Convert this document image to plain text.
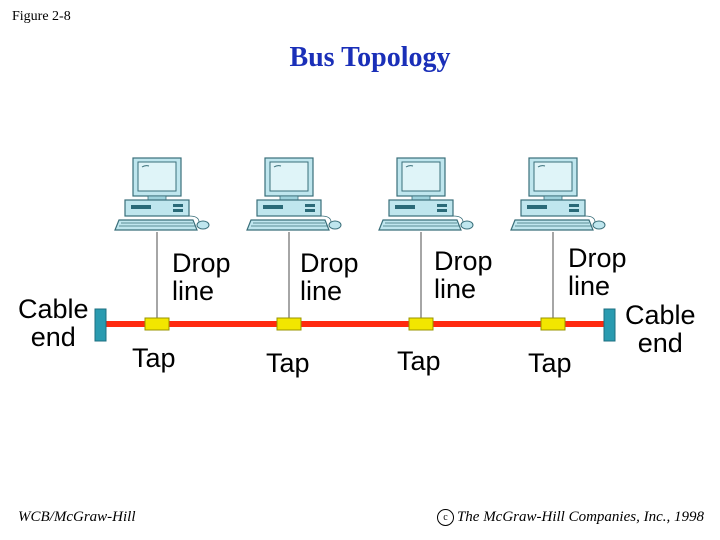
Figure 2-8
Bus Topology
Cable
end
Cable
end
Drop
line
Drop
line
Drop
line
Drop
line
Tap	Tap	Tap	Tap
WCB/McGraw-Hill	c The McGraw-Hill Companies, Inc., 1998
